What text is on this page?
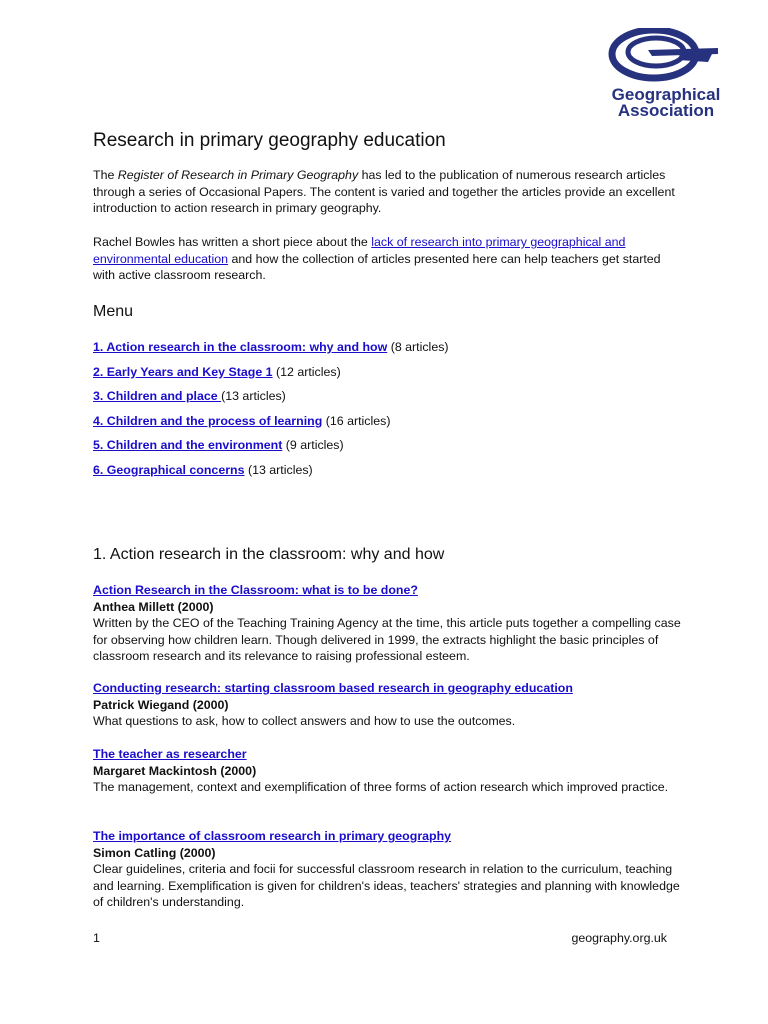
Geographical
Association
Research in primary geography education

The Register of Research in Primary Geography has led to the publication of numerous research articles through a series of Occasional Papers. The content is varied and together the articles provide an excellent introduction to action research in primary geography.

Rachel Bowles has written a short piece about the lack of research into primary geographical and environmental education and how the collection of articles presented here can help teachers get started with active classroom research.

Menu
1. Action research in the classroom: why and how (8 articles)
2. Early Years and Key Stage 1 (12 articles)
3. Children and place (13 articles)
4. Children and the process of learning (16 articles)
5. Children and the environment (9 articles)
6. Geographical concerns (13 articles)
1. Action research in the classroom: why and how
Action Research in the Classroom: what is to be done?
Anthea Millett (2000)
Written by the CEO of the Teaching Training Agency at the time, this article puts together a compelling case for observing how children learn. Though delivered in 1999, the extracts highlight the basic principles of classroom research and its relevance to raising professional esteem.
Conducting research: starting classroom based research in geography education
Patrick Wiegand (2000)
What questions to ask, how to collect answers and how to use the outcomes.
The teacher as researcher
Margaret Mackintosh (2000)
The management, context and exemplification of three forms of action research which improved practice.
The importance of classroom research in primary geography
Simon Catling (2000)
Clear guidelines, criteria and focii for successful classroom research in relation to the curriculum, teaching and learning. Exemplification is given for children's ideas, teachers' strategies and planning with knowledge of children's understanding.
1	geography.org.uk
